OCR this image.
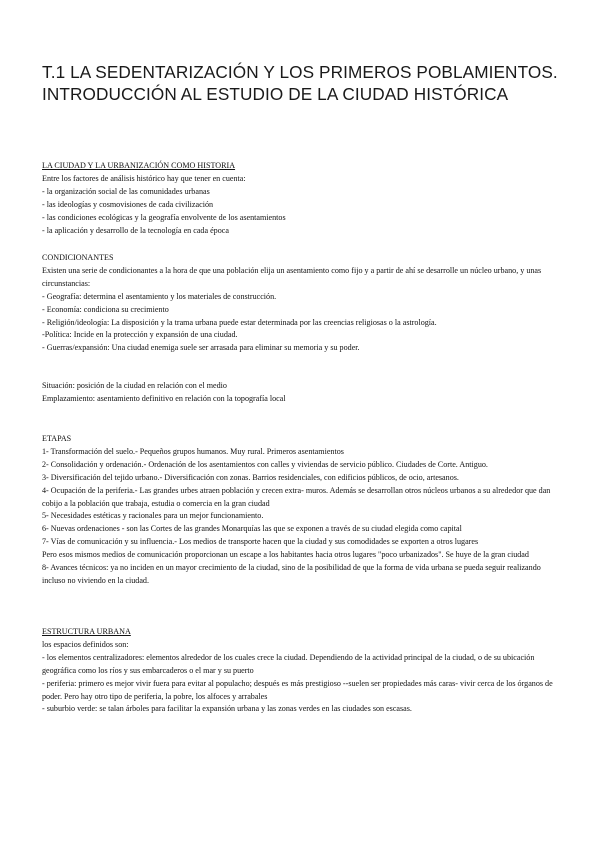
T.1 LA SEDENTARIZACIÓN Y LOS PRIMEROS POBLAMIENTOS.
INTRODUCCIÓN AL ESTUDIO DE LA CIUDAD HISTÓRICA
LA CIUDAD Y LA URBANIZACIÓN COMO HISTORIA
Entre los factores de análisis histórico hay que tener en cuenta:
- la organización social de las comunidades urbanas
- las ideologías y cosmovisiones de cada civilización
- las condiciones ecológicas y la geografía envolvente de los asentamientos
- la aplicación y desarrollo de la tecnología en cada época
CONDICIONANTES
Existen una serie de condicionantes a la hora de que una población elija un asentamiento como fijo y a partir de ahí se desarrolle un núcleo urbano, y unas circunstancias:
- Geografía: determina el asentamiento y los materiales de construcción.
- Economía: condiciona su crecimiento
- Religión/ideología: La disposición y la trama urbana puede estar determinada por las creencias religiosas o la astrología.
-Política: Incide en la protección y expansión de una ciudad.
- Guerras/expansión: Una ciudad enemiga suele ser arrasada para eliminar su memoria y su poder.
Situación: posición de la ciudad en relación con el medio
Emplazamiento: asentamiento definitivo en relación con la topografía local
ETAPAS
1- Transformación del suelo.- Pequeños grupos humanos. Muy rural. Primeros asentamientos
2- Consolidación y ordenación.- Ordenación de los asentamientos con calles y viviendas de servicio público. Ciudades de Corte. Antiguo.
3- Diversificación del tejido urbano.- Diversificación con zonas. Barrios residenciales, con edificios públicos, de ocio, artesanos.
4- Ocupación de la periferia.- Las grandes urbes atraen población y crecen extra- muros. Además se desarrollan otros núcleos urbanos a su alrededor que dan cobijo a la población que trabaja, estudia o comercia en la gran ciudad
5- Necesidades estéticas y racionales para un mejor funcionamiento.
6- Nuevas ordenaciones - son las Cortes de las grandes Monarquías las que se exponen a través de su ciudad elegida como capital
7- Vías de comunicación y su influencia.- Los medios de transporte hacen que la ciudad y sus comodidades se exporten a otros lugares
Pero esos mismos medios de comunicación proporcionan un escape a los habitantes hacia otros lugares "poco urbanizados". Se huye de la gran ciudad
8- Avances técnicos: ya no inciden en un mayor crecimiento de la ciudad, sino de la posibilidad de que la forma de vida urbana se pueda seguir realizando incluso no viviendo en la ciudad.
ESTRUCTURA URBANA
los espacios definidos son:
- los elementos centralizadores: elementos alrededor de los cuales crece la ciudad. Dependiendo de la actividad principal de la ciudad, o de su ubicación geográfica como los ríos y sus embarcaderos o el mar y su puerto
- periferia: primero es mejor vivir fuera para evitar al populacho; después es más prestigioso --suelen ser propiedades más caras- vivir cerca de los órganos de poder. Pero hay otro tipo de periferia, la pobre, los alfoces y arrabales
- suburbio verde: se talan árboles para facilitar la expansión urbana y las zonas verdes en las ciudades son escasas.
